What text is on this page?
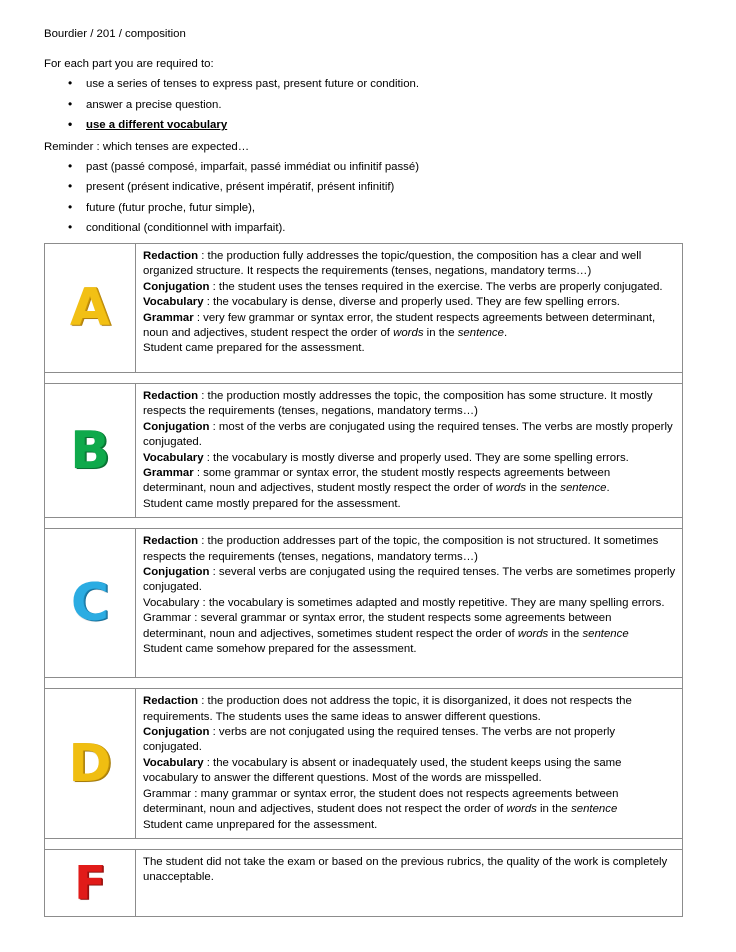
Bourdier / 201 / composition
For each part you are required to:
• use a series of tenses to express past, present future or condition.
• answer a precise question.
• use a different vocabulary
Reminder : which tenses are expected…
• past (passé composé, imparfait, passé immédiat ou infinitif passé)
• present (présent indicative, présent impératif, présent infinitif)
• future (futur proche, futur simple),
• conditional (conditionnel with imparfait).
A	Redaction : the production fully addresses the topic/question, the composition has a clear and well organized structure. It respects the requirements (tenses, negations, mandatory terms…)

Conjugation : the student uses the tenses required in the exercise. The verbs are properly conjugated.

Vocabulary : the vocabulary is dense, diverse and properly used. They are few spelling errors.

Grammar : very few grammar or syntax error, the student respects agreements between determinant, noun and adjectives, student respect the order of words in the sentence.

Student came prepared for the assessment.

B	Redaction : the production mostly addresses the topic, the composition has some structure. It mostly respects the requirements (tenses, negations, mandatory terms…)

Conjugation : most of the verbs are conjugated using the required tenses. The verbs are mostly properly conjugated.

Vocabulary : the vocabulary is mostly diverse and properly used. They are some spelling errors.

Grammar : some grammar or syntax error, the student mostly respects agreements between determinant, noun and adjectives, student mostly respect the order of words in the sentence.

Student came mostly prepared for the assessment.

C	Redaction : the production addresses part of the topic, the composition is not structured. It sometimes respects the requirements (tenses, negations, mandatory terms…)

Conjugation : several verbs are conjugated using the required tenses. The verbs are sometimes properly conjugated.

Vocabulary : the vocabulary is sometimes adapted and mostly repetitive. They are many spelling errors.

Grammar : several grammar or syntax error, the student respects some agreements between determinant, noun and adjectives, sometimes student respect the order of words in the sentence

Student came somehow prepared for the assessment.

D	Redaction : the production does not address the topic, it is disorganized, it does not respects the requirements. The students uses the same ideas to answer different questions.

Conjugation : verbs are not conjugated using the required tenses. The verbs are not properly conjugated.

Vocabulary : the vocabulary is absent or inadequately used, the student keeps using the same vocabulary to answer the different questions. Most of the words are misspelled.

Grammar : many grammar or syntax error, the student does not respects agreements between determinant, noun and adjectives, student does not respect the order of words in the sentence

Student came unprepared for the assessment.

F	The student did not take the exam or based on the previous rubrics, the quality of the work is completely unacceptable.
